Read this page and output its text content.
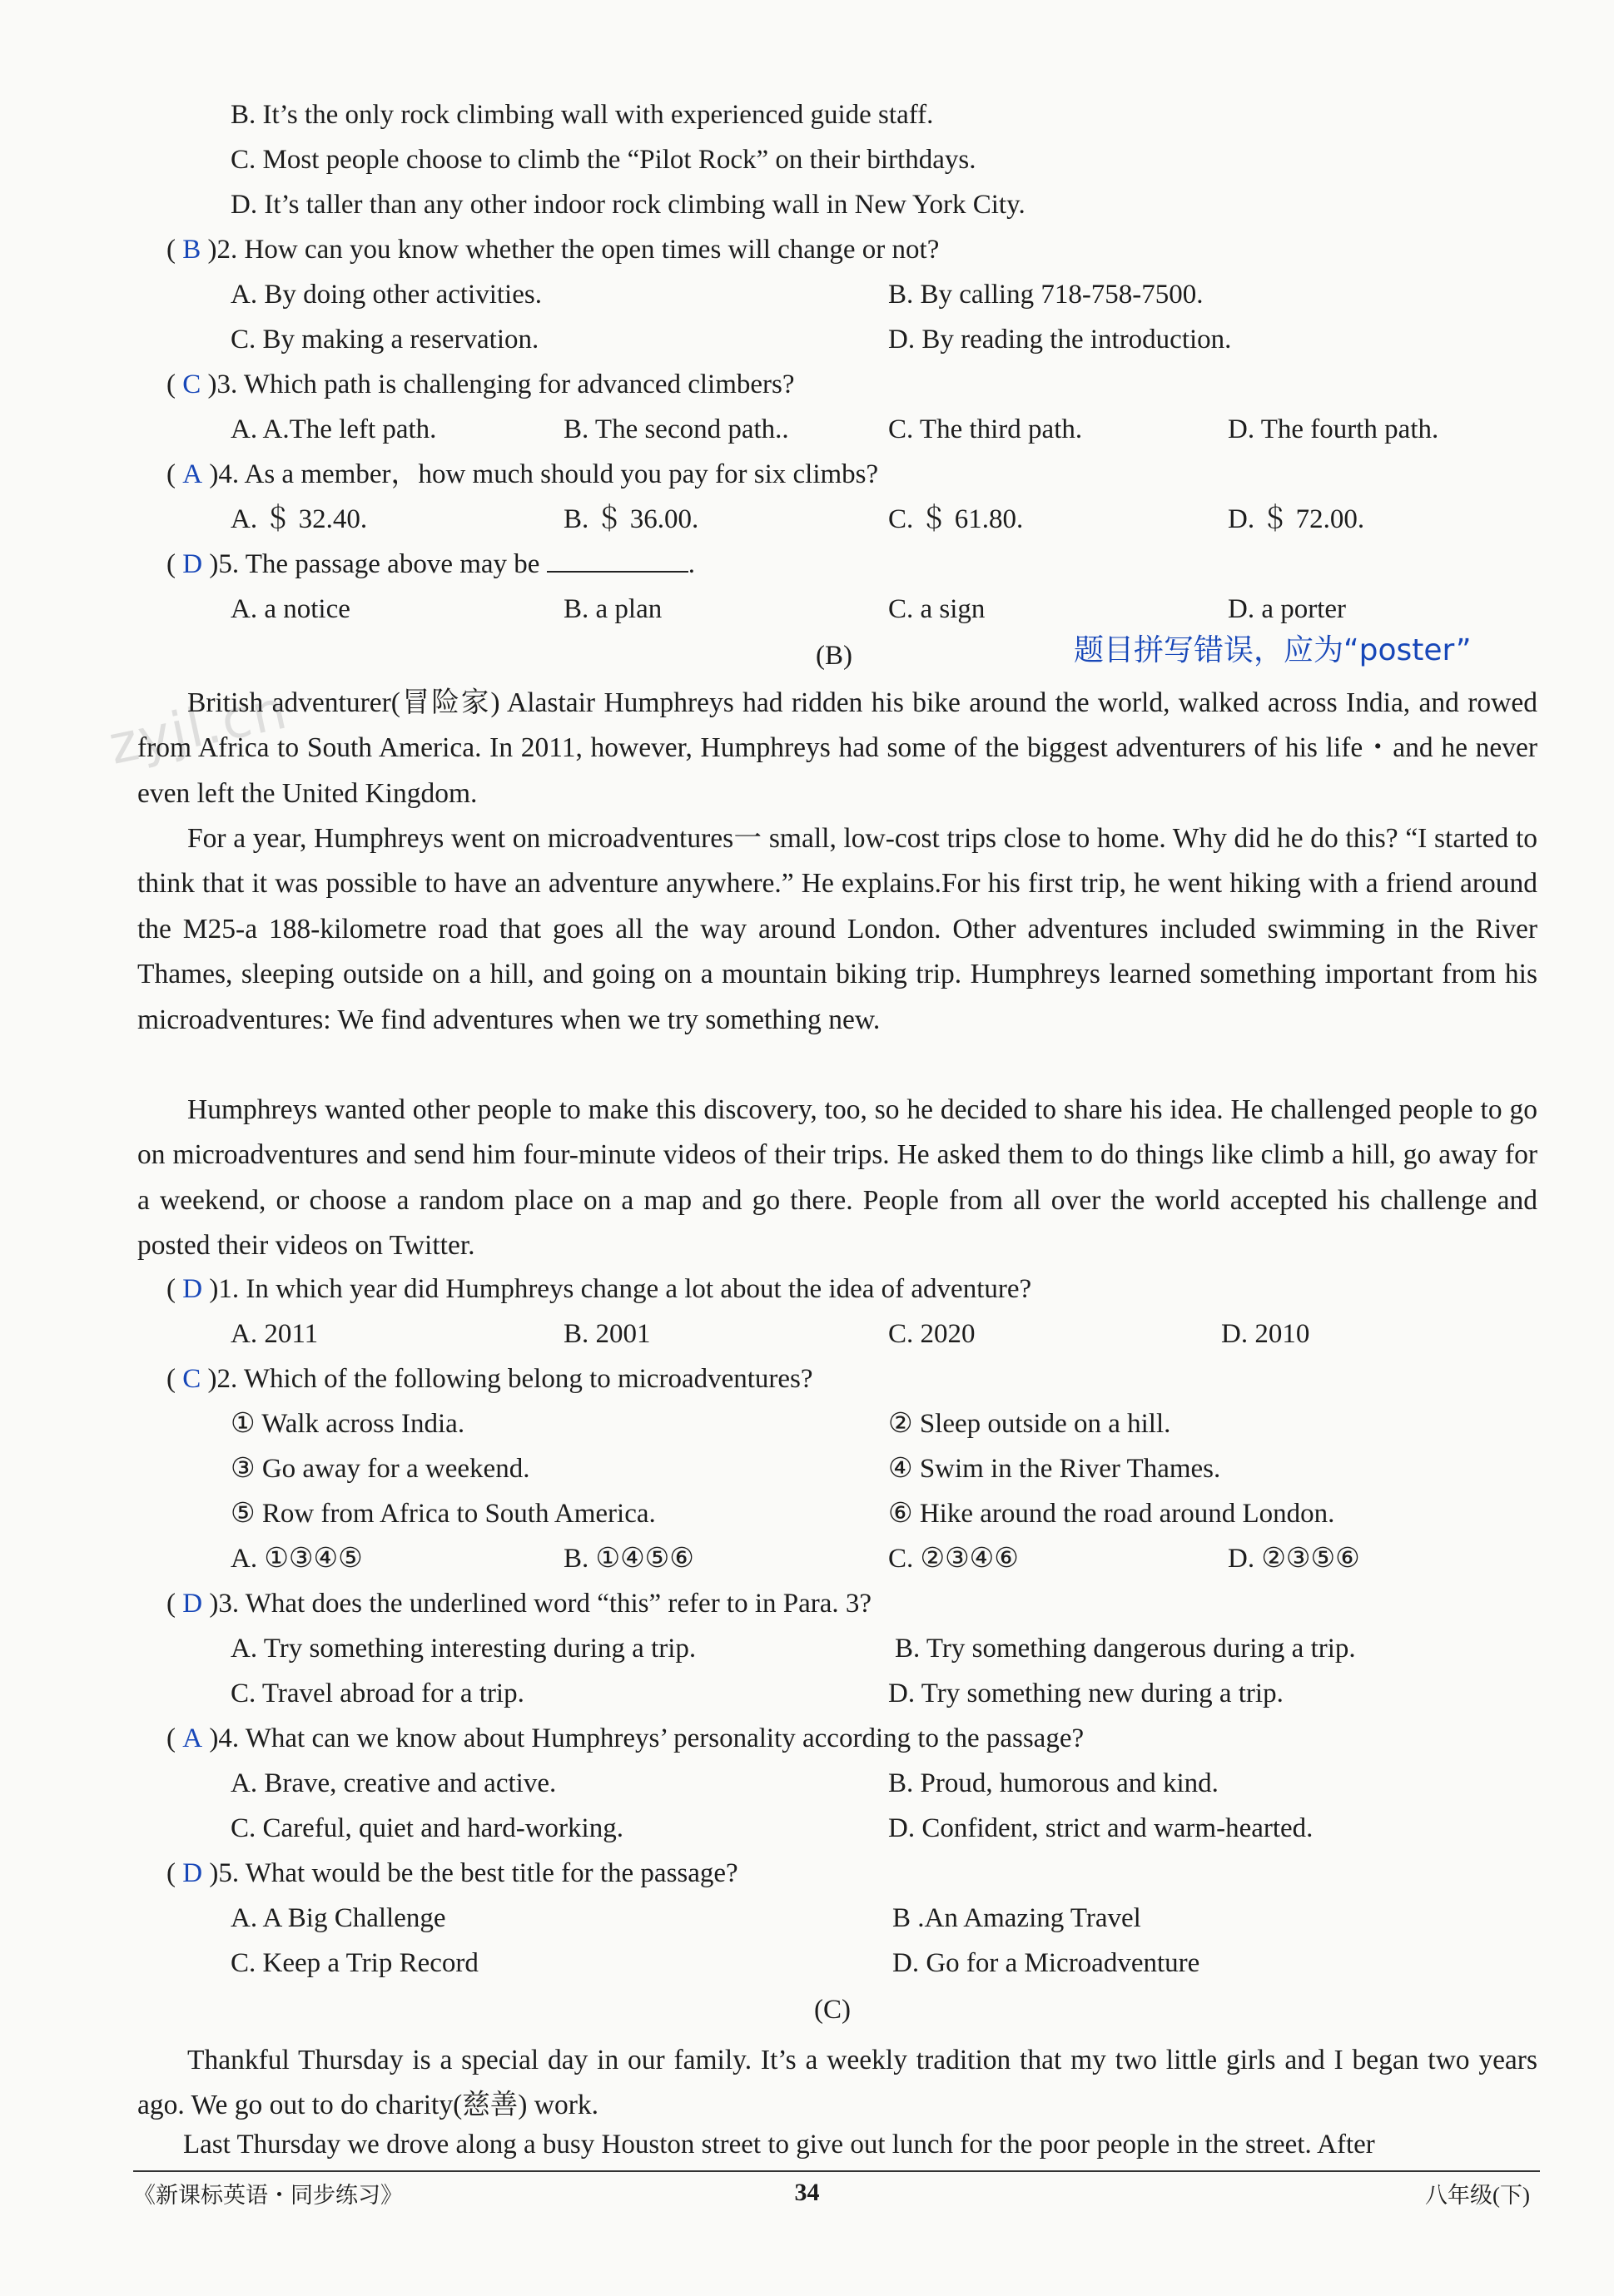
B. It’s the only rock climbing wall with experienced guide staff.
C. Most people choose to climb the “Pilot Rock” on their birthdays.
D. It’s taller than any other indoor rock climbing wall in New York City.
( B )2. How can you know whether the open times will change or not?
A. By doing other activities.	B. By calling 718-758-7500.
C. By making a reservation.	D. By reading the introduction.
( C )3. Which path is challenging for advanced climbers?
A. A.The left path.	B. The second path..	C. The third path.	D. The fourth path.
( A )4. As a member，how much should you pay for six climbs?
A. ＄ 32.40.	B. ＄ 36.00.	C. ＄ 61.80.	D. ＄ 72.00.
( D )5. The passage above may be	.
A. a notice	B. a plan	C. a sign	D. a porter
(B)	题目拼写错误，应为“poster”
zyjl.cn
British adventurer(冒险家) Alastair Humphreys had ridden his bike around the world, walked across India, and rowed from Africa to South America. In 2011, however, Humphreys had some of the biggest adventurers of his life・and he never even left the United Kingdom.
For a year, Humphreys went on microadventures一 small, low-cost trips close to home. Why did he do this? “I started to think that it was possible to have an adventure anywhere.” He explains.For his first trip, he went hiking with a friend around the M25-a 188-kilometre road that goes all the way around London. Other adventures included swimming in the River Thames, sleeping outside on a hill, and going on a mountain biking trip. Humphreys learned something important from his microadventures: We find adventures when we try something new.
Humphreys wanted other people to make this discovery, too, so he decided to share his idea. He challenged people to go on microadventures and send him four-minute videos of their trips. He asked them to do things like climb a hill, go away for a weekend, or choose a random place on a map and go there. People from all over the world accepted his challenge and posted their videos on Twitter.
( D )1. In which year did Humphreys change a lot about the idea of adventure?
A. 2011	B. 2001	C. 2020	D. 2010
( C )2. Which of the following belong to microadventures?
① Walk across India.	② Sleep outside on a hill.
③ Go away for a weekend.	④ Swim in the River Thames.
⑤ Row from Africa to South America.	⑥ Hike around the road around London.
A. ①③④⑤	B. ①④⑤⑥	C. ②③④⑥	D. ②③⑤⑥
( D )3. What does the underlined word “this” refer to in Para. 3?
A. Try something interesting during a trip.	B. Try something dangerous during a trip.
C. Travel abroad for a trip.	D. Try something new during a trip.
( A )4. What can we know about Humphreys’ personality according to the passage?
A. Brave, creative and active.	B. Proud, humorous and kind.
C. Careful, quiet and hard-working.	D. Confident, strict and warm-hearted.
( D )5. What would be the best title for the passage?
A. A Big Challenge	B .An Amazing Travel
C. Keep a Trip Record	D. Go for a Microadventure
(C)
Thankful Thursday is a special day in our family. It’s a weekly tradition that my two little girls and I began two years ago. We go out to do charity(慈善) work.
Last Thursday we drove along a busy Houston street to give out lunch for the poor people in the street. After
《新课标英语・同步练习》	34	八年级(下)
